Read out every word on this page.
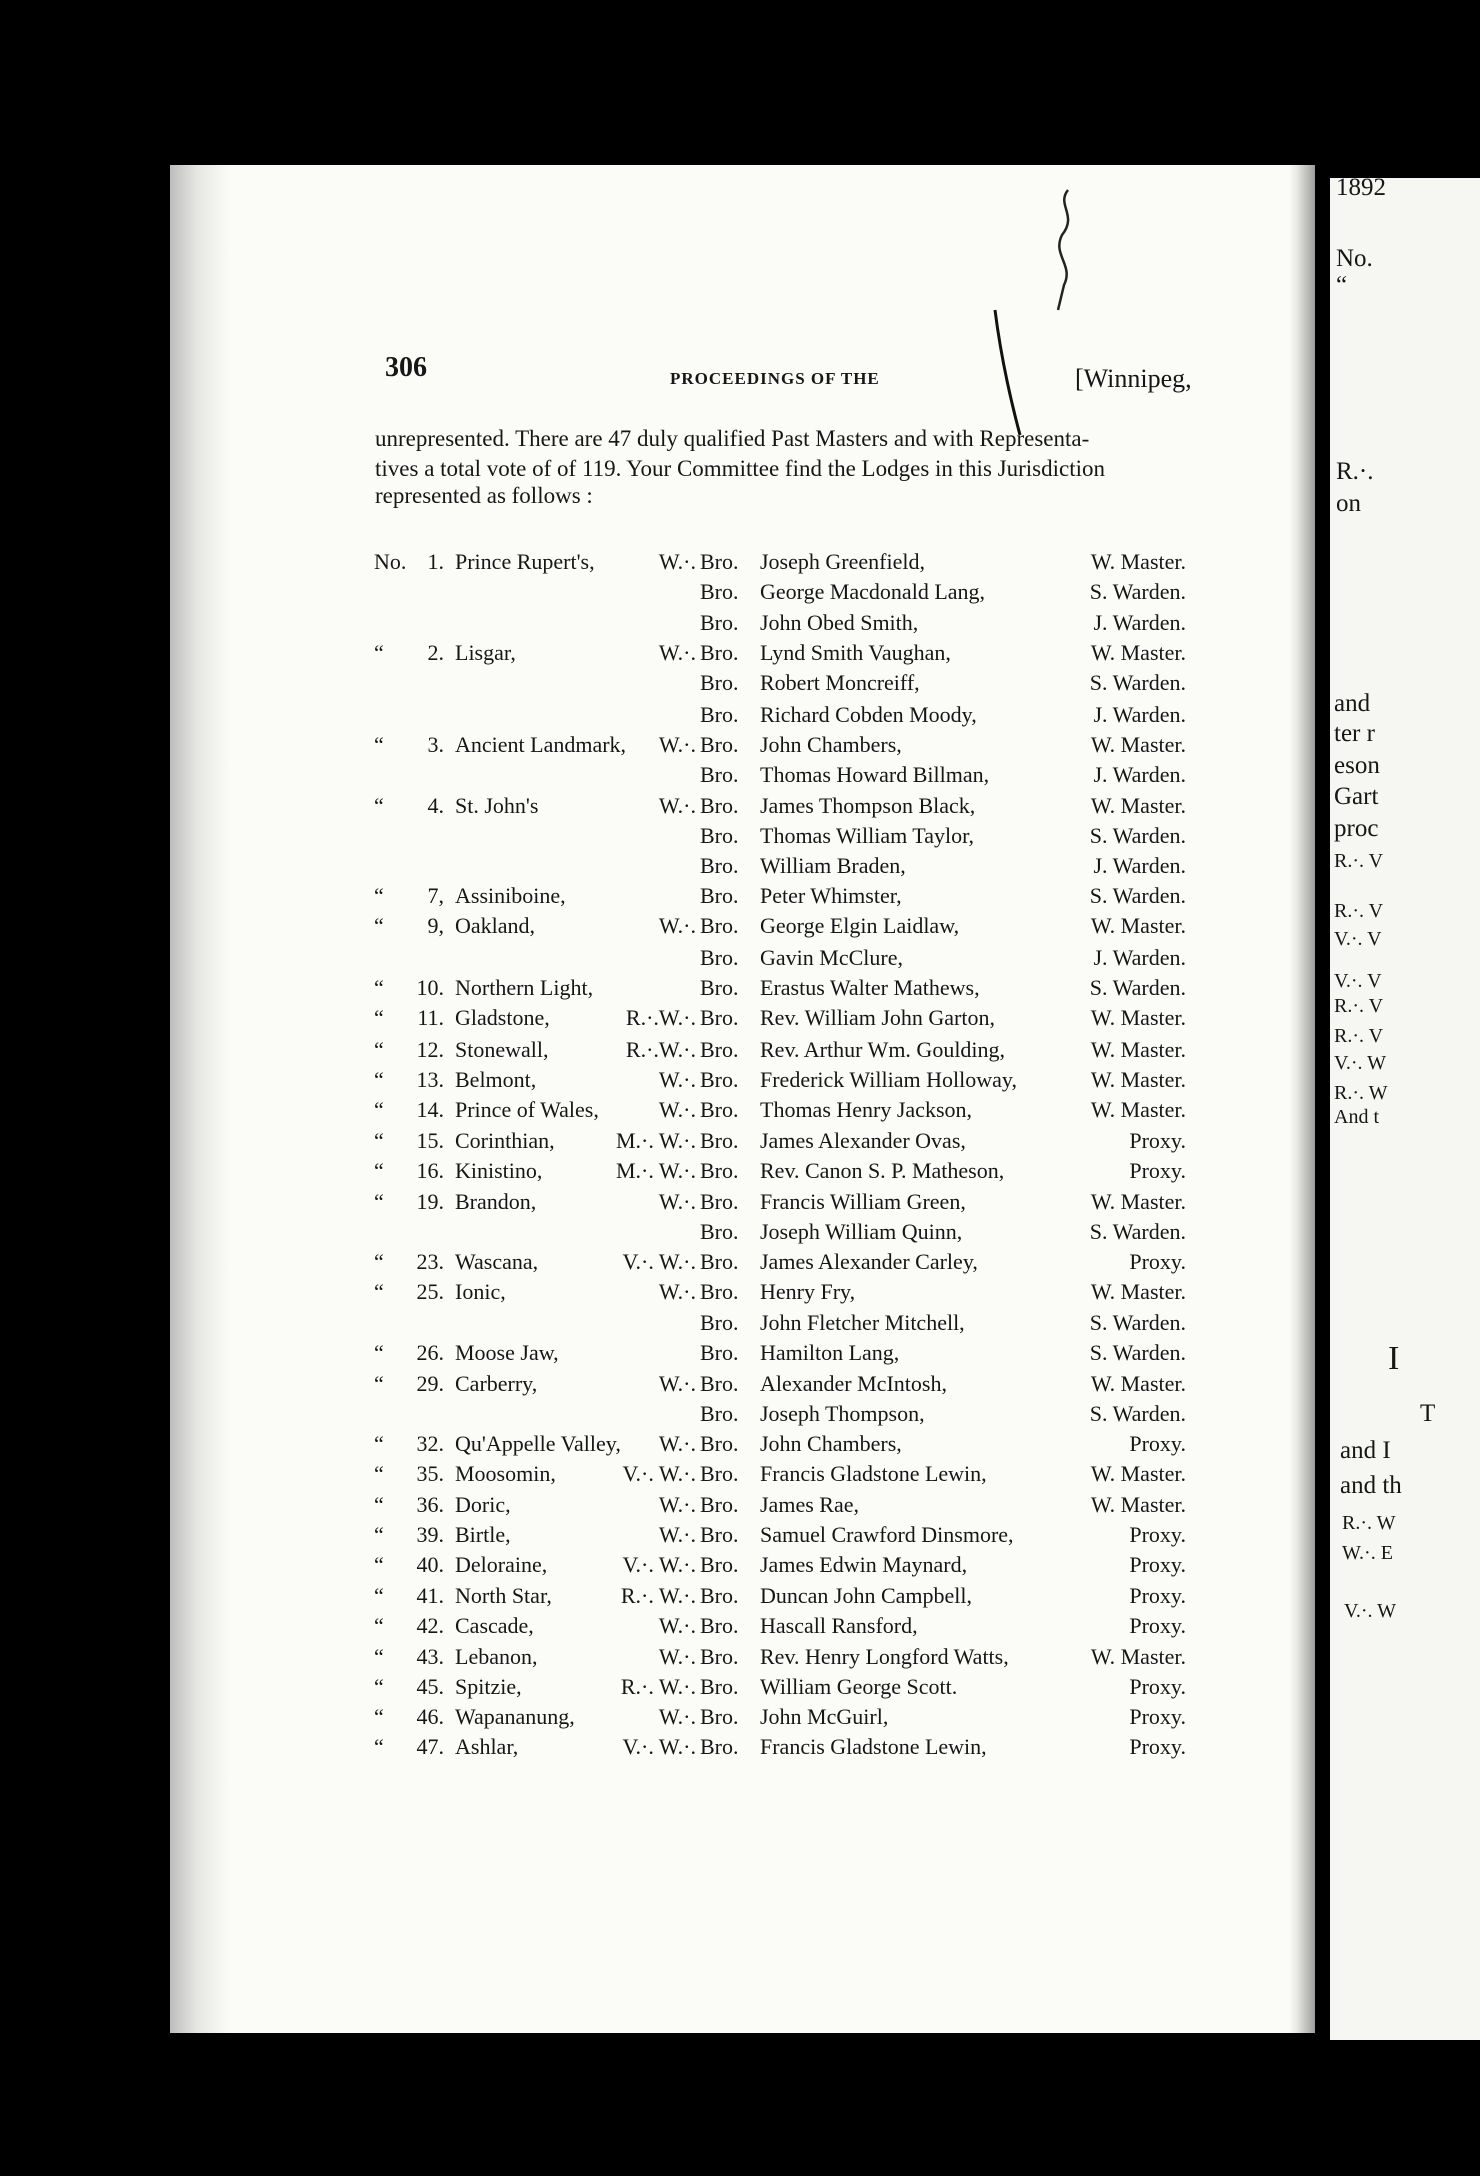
1892
No.
“
R.·.
on
and
ter r
eson
Gart
proc
R.·. V
R.·. V
V.·. V
V.·. V
R.·. V
R.·. V
V.·. W
R.·. W
And t
I
T
and I
and th
R.·. W
W.·. E
V.·. W
306	PROCEEDINGS OF THE	[Winnipeg,
unrepresented. There are 47 duly qualified Past Masters and with Representa-
tives a total vote of of 119. Your Committee find the Lodges in this Jurisdiction
represented as follows :
No. 1. Prince Rupert's,	W.·. Bro. Joseph Greenfield,	W. Master.
Bro. George Macdonald Lang,	S. Warden.
Bro. John Obed Smith,	J. Warden.
“	2. Lisgar,	W.·. Bro. Lynd Smith Vaughan,	W. Master.
Bro. Robert Moncreiff,	S. Warden.
Bro. Richard Cobden Moody,	J. Warden.
“	3. Ancient Landmark,	W.·. Bro. John Chambers,	W. Master.
Bro. Thomas Howard Billman,	J. Warden.
“	4. St. John's	W.·. Bro. James Thompson Black,	W. Master.
Bro. Thomas William Taylor,	S. Warden.
Bro. William Braden,	J. Warden.
“	7, Assiniboine,	Bro. Peter Whimster,	S. Warden.
“	9, Oakland,	W.·. Bro. George Elgin Laidlaw,	W. Master.
Bro. Gavin McClure,	J. Warden.
“ 10. Northern Light,	Bro. Erastus Walter Mathews,	S. Warden.
“ 11. Gladstone,	R.·.W.·. Bro. Rev. William John Garton,	W. Master.
“ 12. Stonewall,	R.·.W.·. Bro. Rev. Arthur Wm. Goulding,	W. Master.
“ 13. Belmont,	W.·. Bro. Frederick William Holloway,	W. Master.
“ 14. Prince of Wales,	W.·. Bro. Thomas Henry Jackson,	W. Master.
“ 15. Corinthian,	M.·. W.·. Bro. James Alexander Ovas,	Proxy.
“ 16. Kinistino,	M.·. W.·. Bro. Rev. Canon S. P. Matheson,	Proxy.
“ 19. Brandon,	W.·. Bro. Francis William Green,	W. Master.
Bro. Joseph William Quinn,	S. Warden.
“ 23. Wascana,	V.·. W.·. Bro. James Alexander Carley,	Proxy.
“ 25. Ionic,	W.·. Bro. Henry Fry,	W. Master.
Bro. John Fletcher Mitchell,	S. Warden.
“ 26. Moose Jaw,	Bro. Hamilton Lang,	S. Warden.
“ 29. Carberry,	W.·. Bro. Alexander McIntosh,	W. Master.
Bro. Joseph Thompson,	S. Warden.
“ 32. Qu'Appelle Valley,	W.·. Bro. John Chambers,	Proxy.
“ 35. Moosomin,	V.·. W.·. Bro. Francis Gladstone Lewin,	W. Master.
“ 36. Doric,	W.·. Bro. James Rae,	W. Master.
“ 39. Birtle,	W.·. Bro. Samuel Crawford Dinsmore,	Proxy.
“ 40. Deloraine,	V.·. W.·. Bro. James Edwin Maynard,	Proxy.
“ 41. North Star,	R.·. W.·. Bro. Duncan John Campbell,	Proxy.
“ 42. Cascade,	W.·. Bro. Hascall Ransford,	Proxy.
“ 43. Lebanon,	W.·. Bro. Rev. Henry Longford Watts,	W. Master.
“ 45. Spitzie,	R.·. W.·. Bro. William George Scott.	Proxy.
“ 46. Wapananung,	W.·. Bro. John McGuirl,	Proxy.
“ 47. Ashlar,	V.·. W.·. Bro. Francis Gladstone Lewin,	Proxy.
